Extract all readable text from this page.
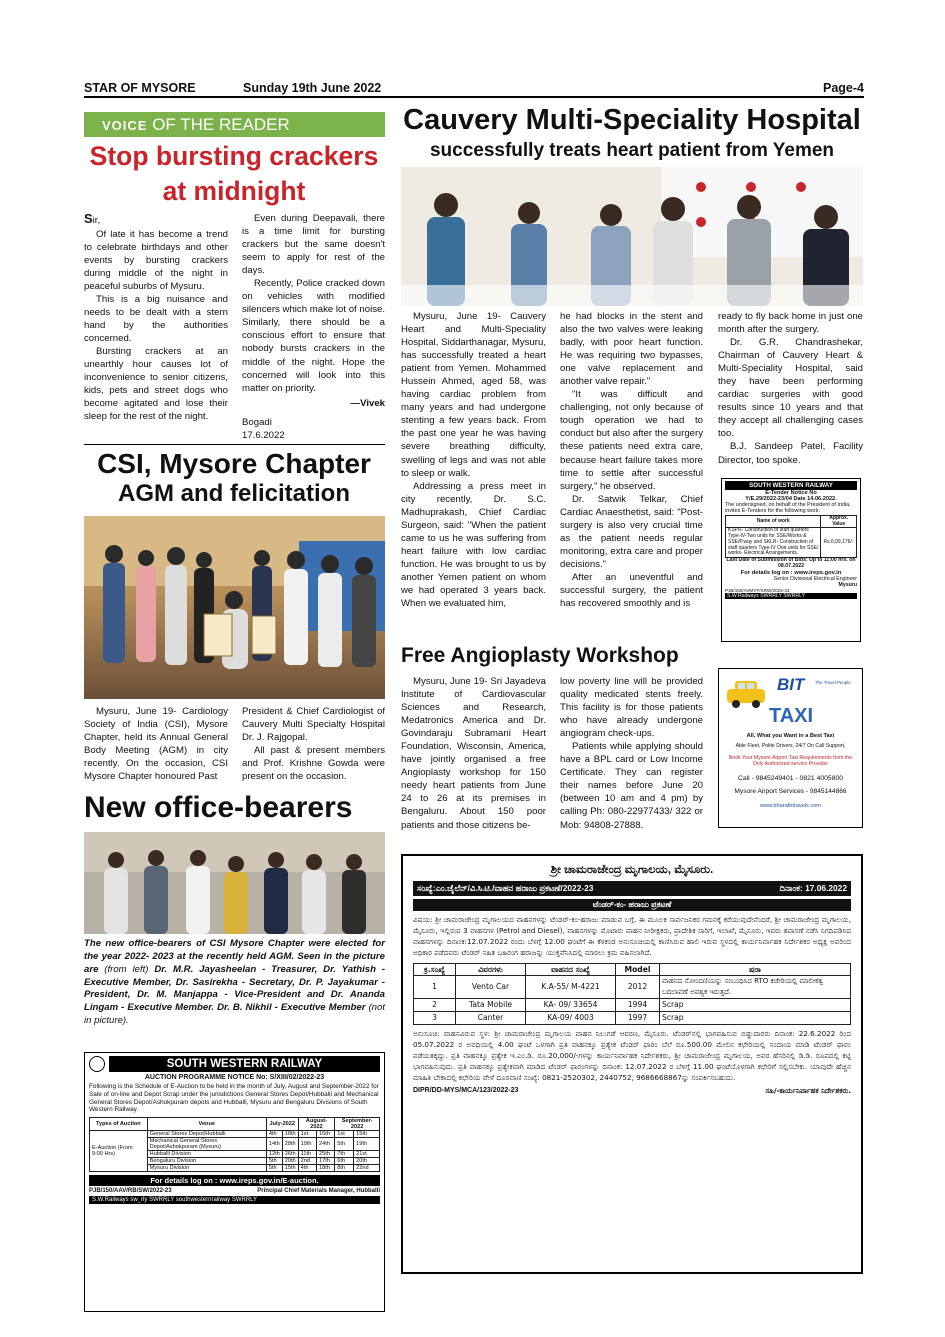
STAR OF MYSORE	Sunday 19th June 2022	Page-4
VOICE OF THE READER
Stop bursting crackers
at midnight

Sir,

Of late it has become a trend to celebrate birthdays and other events by bursting crackers during middle of the night in peaceful suburbs of Mysuru.

This is a big nuisance and needs to be dealt with a stern hand by the authorities concerned.

Bursting crackers at an unearthly hour causes lot of inconvenience to senior citizens, kids, pets and street dogs who become agitated and lose their sleep for the rest of the night.

Even during Deepavali, there is a time limit for bursting crackers but the same doesn't seem to apply for rest of the days.

Recently, Police cracked down on vehicles with modified silencers which make lot of noise. Similarly, there should be a conscious effort to ensure that nobody bursts crackers in the middle of the night. Hope the concerned will look into this matter on priority.

—Vivek
Bogadi
17.6.2022
CSI, Mysore Chapter
AGM and felicitation

Mysuru, June 19- Cardiology Society of India (CSI), Mysore Chapter, held its Annual General Body Meeting (AGM) in city recently. On the occasion, CSI Mysore Chapter honoured Past

President & Chief Cardiologist of Cauvery Multi Specialty Hospital Dr. J. Rajgopal.

All past & present members and Prof. Krishne Gowda were present on the occasion.

New office-bearers
The new office-bearers of CSI Mysore Chapter were elected for the year 2022- 2023 at the recently held AGM. Seen in the picture are (from left) Dr. M.R. Jayasheelan - Treasurer, Dr. Yathish - Executive Member, Dr. Sasirekha - Secretary, Dr. P. Jayakumar - President, Dr. M. Manjappa - Vice-President and Dr. Ananda Lingam - Executive Member. Dr. B. Nikhil - Executive Member (not in picture).
SOUTH WESTERN RAILWAY
AUCTION PROGRAMME NOTICE No: S/XIII/02/2022-23
Following is the Schedule of E-Auction to be held in the month of July, August and September-2022 for Sale of on-line and Depot Scrap under the jurisdictions General Stores Depot/Hubballi and Mechanical General Stores Depot/Ashokpuram depots and Hubballi, Mysuru and Bengaluru Divisions of South Western Railway.
Types of Auction	Venue	July-2022		August-2022		September-2022	
E-Auction (From 9:00 Hrs)	General Stores Depot/Hubballi	4th	18th	1st	16th	1st	15th
	Mechanical General Stores Depot/Ashokpuram (Mysuru)	14th	28th	10th	24th	5th	19th
	Hubballi Division	12th	26th	11th	25th	7th	21st
	Bengaluru Division	5th	20th	2nd	17th	6th	20th
	Mysuru Division	5th	15th	4th	18th	8th	22nd
For details log on : www.ireps.gov.in/E-auction.
PJB/150/AAV/RB/SW/2022-23	Principal Chief Materials Manager, Hubballi
S.W.Railways sw_rly SWRRLY southwesternrailway SWRRLY
Cauvery Multi-Speciality Hospital
successfully treats heart patient from Yemen

Mysuru, June 19- Cauvery Heart and Multi-Speciality Hospital, Siddarthanagar, Mysuru, has successfully treated a heart patient from Yemen. Mohammed Hussein Ahmed, aged 58, was having cardiac problem from many years and had undergone stenting a few years back. From the past one year he was having severe breathing difficulty, swelling of legs and was not able to sleep or walk.

Addressing a press meet in city recently, Dr. S.C. Madhuprakash, Chief Cardiac Surgeon, said: "When the patient came to us he was suffering from heart failure with low cardiac function. He was brought to us by another Yemen patient on whom we had operated 3 years back. When we evaluated him,

he had blocks in the stent and also the two valves were leaking badly, with poor heart function. He was requiring two bypasses, one valve replacement and another valve repair."

"It was difficult and challenging, not only because of tough operation we had to conduct but also after the surgery these patients need extra care, because heart failure takes more time to settle after successful surgery," he observed.

Dr. Satwik Telkar, Chief Cardiac Anaesthetist, said: "Post-surgery is also very crucial time as the patient needs regular monitoring, extra care and proper decisions."

After an uneventful and successful surgery, the patient has recovered smoothly and is

ready to fly back home in just one month after the surgery.

Dr. G.R. Chandrashekar, Chairman of Cauvery Heart & Multi-Speciality Hospital, said they have been performing cardiac surgeries with good results since 10 years and that they accept all challenging cases too.

B.J. Sandeep Patel, Facility Director, too spoke.

SOUTH WESTERN RAILWAY
E-Tender Notice No
Y/E.29/2022-23/04 Date 14.06.2022.
The undersigned, on behalf of the President of India, invites E-Tenders for the following work:
Name of work	Approx. Value
KSPR- Construction of staff quarters Type-IV-Two units for SSE/Works & SSE/P.way and SKLR- Construction of staff quarters Type-IV One units for SSE/ works- Electrical Arrangements.	Rs.6,09,176/-
Last Date of Submission of Bids: Up to 11:00 hrs. on 08.07.2022
For details log on : www.ireps.gov.in
Senior Divisional Electrical Engineer
Mysuru
PJB/150/AVMYP/SRW/2022-23
S.W.Railways SWRRLY SWRRLY
Free Angioplasty Workshop

Mysuru, June 19- Sri Jayadeva Institute of Cardiovascular Sciences and Research, Medatronics America and Dr. Govindaraju Subramani Heart Foundation, Wisconsin, America, have jointly organised a free Angioplasty workshop for 150 needy heart patients from June 24 to 26 at its premises in Bengaluru. About 150 poor patients and those citizens be-

low poverty line will be provided quality medicated stents freely. This facility is for those patients who have already undergone angiogram check-ups.

Patients while applying should have a BPL card or Low Income Certificate. They can register their names before June 20 (between 10 am and 4 pm) by calling Ph: 080-22977433/ 322 or Mob: 94808-27888.

BIT The Travel People
TAXI
All, What you Want in a Best Taxi
Able Fleet, Polite Drivers, 24/7 On Call Support,
Book Your Mysore Airport Taxi Requirements from the Only Authorized service Provider
Call - 9845249401 - 0821 4005800
Mysore Airport Services - 9845144866
www.bharathtravels.com
ಶ್ರೀ ಚಾಮರಾಜೇಂದ್ರ ಮೃಗಾಲಯ, ಮೈಸೂರು.
ಸಂಖ್ಯೆ:ಎಂ.ಜೈಲೆನ್/ವಿ.ಸಿ.ಟಿ./ವಾಹನ ಹರಾಜು ಪ್ರಕಟಣೆ/2022-23	ದಿನಾಂಕ: 17.06.2022
ಟೆಂಡರ್-ಕಂ- ಹರಾಜು ಪ್ರಕಟಣೆ
ವಿಷಯ: ಶ್ರೀ ಚಾಮರಾಜೇಂದ್ರ ಮೃಗಾಲಯದ ವಾಹನಗಳನ್ನು ಟೆಂಡರ್-ಕಂ-ಹರಾಜು ಮಾಡುವ ಬಗ್ಗೆ. ಈ ಮೂಲಕ ಸಾರ್ವಜನಿಕರ ಗಮನಕ್ಕೆ ಕರೆಯುವುದೇನೆಂದರೆ, ಶ್ರೀ ಚಾಮರಾಜೇಂದ್ರ ಮೃಗಾಲಯ, ಮೈಸೂರು, ಇಲ್ಲಿರುವ 3 ವಾಹನಗಳ (Petrol and Diesel), ವಾಹನಗಳನ್ನು ಮೊಟಾರು ವಾಹನ ನೀರೀಕ್ಷಕರು, ಪ್ರಾದೇಶಿಕ ಸಾರಿಗೆ, ಇಲಾಖೆ, ಮೈಸೂರು, ಇವರು ತಪಾಸಣೆ ನಡೆಸಿ ನಿಗದಿಪಡಿಸಿದ ವಾಹನಗಳನ್ನು ದಿನಾಂಕ:12.07.2022 ರಂದು ಬೆಳಗ್ಗೆ 12.00 ಘಂಟೆಗೆ ಈ ಕೆಳಕಂಡ ಅನುಸೂಚಿಯಲ್ಲಿ ಕಾಣಿಸಿರುವ ಹಾಲಿ ಇರುವ ಸ್ಥಳದಲ್ಲಿ ಕಾರ್ಯನಿರ್ವಾಹಕ ನಿರ್ದೇಶಕರ ಅಧ್ಯಕ್ಷ ಅವರಿಂದ ಅಧಿಕಾರ ಪಡೆದವರು ಟೆಂಡರ್ ಸಹಿತ ಬಹಿರಂಗ ಹರಾಜನ್ನು ಯುಕ್ತವೆನಿಸಿದಲ್ಲಿ ಮಾರಲು ಕ್ರಮ ವಹಿಸಲಾಗಿದೆ.
ಕ್ರ.ಸಂಖ್ಯೆ	ವಿವರಗಳು	ವಾಹನದ ಸಂಖ್ಯೆ	Model	ಷರಾ
1	Vento Car	K.A-55/ M-4221	2012	ವಾಹನದ ನೋಂದಣಿಯನ್ನು ಸಂಬಂಧಿಸಿದ RTO ಕಚೇರಿಯಲ್ಲಿ ಮಾಲೀಕತ್ವ ಬದಲಾವಣೆ ಅವಶ್ಯಕ ಇರುತ್ತದೆ.
2	Tata Mobile	KA- 09/ 33654	1994	Scrap
3	Canter	KA-09/ 4003	1997	Scrap
ಅನುಸೂಚಿ: ವಾಹನವಿರುವ ಸ್ಥಳ: ಶ್ರೀ ಚಾಮರಾಜೇಂದ್ರ ಮೃಗಾಲಯ ವಾಹನ ನಿಲುಗಡೆ ಆವರಣ, ಮೈಸೂರು. ಟೆಂಡರ್‌ನಲ್ಲಿ ಭಾಗವಹಿಸುವ ಬಿಡ್ಡುದಾರರು ದಿನಾಂಕ: 22.6.2022 ರಿಂದ 05.07.2022 ರ ಅವಧಿಯಲ್ಲಿ 4.00 ಘಂಟೆ ಒಳಗಾಗಿ ಪ್ರತಿ ವಾಹನಕ್ಕೂ ಪ್ರತ್ಯೇಕ ಟೆಂಡರ್ ಫಾರಂ ಬೆಲೆ ರೂ.500.00 ಮೇಲಿನ ಕಛೇರಿಯಲ್ಲಿ ಸಂದಾಯ ಮಾಡಿ ಟೆಂಡರ್ ಫಾರಂ ಪಡೆಯತಕ್ಕದ್ದು. ಪ್ರತಿ ವಾಹನಕ್ಕೂ ಪ್ರತ್ಯೇಕ ಇ.ಎಂ.ಡಿ. ರೂ.20,000/-ಗಳನ್ನು ಕಾರ್ಯನಿರ್ವಾಹಕ ನಿರ್ದೇಶಕರು, ಶ್ರೀ ಚಾಮರಾಜೇಂದ್ರ ಮೃಗಾಲಯ, ಅವರ ಹೆಸರಿನಲ್ಲಿ ಡಿ.ಡಿ. ರೂಪದಲ್ಲಿ ಕಟ್ಟಿ ಭಾಗವಹಿಸುವುದು. ಪ್ರತಿ ವಾಹನಕ್ಕೂ ಪ್ರತ್ಯೇಕವಾಗಿ ಮಾಡಿದ ಟೆಂಡರ್ ಫಾರಂಗಳನ್ನು ದಿನಾಂಕ: 12.07.2022 ರ ಬೆಳಿಗ್ಗೆ 11.00 ಘಂಟೆಯೊಳಗಾಗಿ ಕಛೇರಿಗೆ ಸಲ್ಲಿಸಬೇಕು. ಯಾವುದೇ ಹೆಚ್ಚಿನ ಮಾಹಿತಿ ಬೇಕಾದಲ್ಲಿ ಕಛೇರಿಯ ವೇಳೆ ದೂರವಾಣಿ ಸಂಖ್ಯೆ: 0821-2520302, 2440752, 9686668867ನ್ನು ಸಂಪರ್ಕಿಸಬಹುದು.
DIPR/DD-MYS/MCA/123/2022-23	ಸಹಿ/-ಕಾರ್ಯನಿರ್ವಾಹಕ ನಿರ್ದೇಶಕರು.
